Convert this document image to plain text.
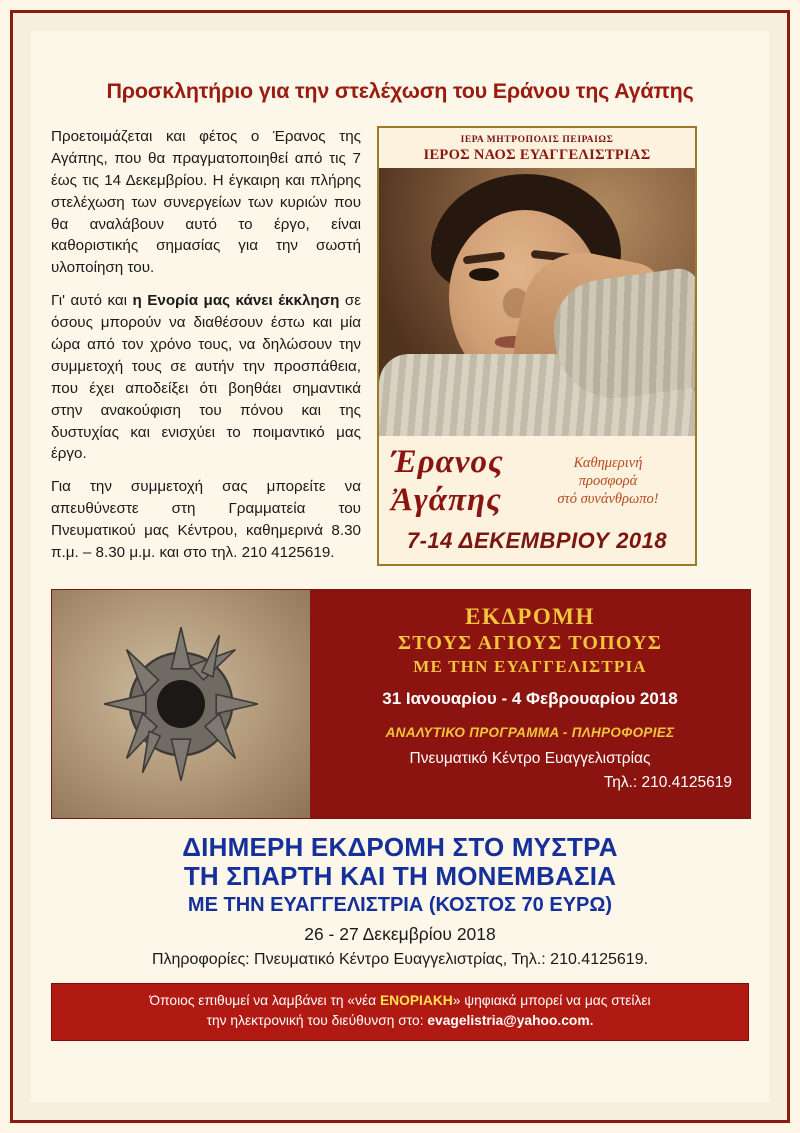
Προσκλητήριο για την στελέχωση του Εράνου της Αγάπης

Προετοιμάζεται και φέτος ο Έρανος της Αγάπης, που θα πραγματοποιηθεί από τις 7 έως τις 14 Δεκεμβρίου. Η έγκαιρη και πλήρης στελέχωση των συνεργείων των κυριών που θα αναλάβουν αυτό το έργο, είναι καθοριστικής σημασίας για την σωστή υλοποίηση του.

Γι' αυτό και η Ενορία μας κάνει έκκληση σε όσους μπορούν να διαθέσουν έστω και μία ώρα από τον χρόνο τους, να δηλώσουν την συμμετοχή τους σε αυτήν την προσπάθεια, που έχει αποδείξει ότι βοηθάει σημαντικά στην ανακούφιση του πόνου και της δυστυχίας και ενισχύει το ποιμαντικό μας έργο.

Για την συμμετοχή σας μπορείτε να απευθύνεστε στη Γραμματεία του Πνευματικού μας Κέντρου, καθημερινά 8.30 π.μ. – 8.30 μ.μ. και στο τηλ. 210 4125619.

ΙΕΡΑ ΜΗΤΡΟΠΟΛΙΣ ΠΕΙΡΑΙΩΣ
ΙΕΡΟΣ ΝΑΟΣ ΕΥΑΓΓΕΛΙΣΤΡΙΑΣ
Έρανος
Ἀγάπης
Καθημερινή
προσφορά
στό συνάνθρωπο!
7-14 ΔΕΚΕΜΒΡΙΟΥ 2018
ΕΚΔΡΟΜΗ
ΣΤΟΥΣ ΑΓΙΟΥΣ ΤΟΠΟΥΣ
ΜΕ ΤΗΝ ΕΥΑΓΓΕΛΙΣΤΡΙΑ
31 Ιανουαρίου - 4 Φεβρουαρίου 2018
ΑΝΑΛΥΤΙΚΟ ΠΡΟΓΡΑΜΜΑ - ΠΛΗΡΟΦΟΡΙΕΣ
Πνευματικό Κέντρο Ευαγγελιστρίας
Τηλ.: 210.4125619
ΔΙΗΜΕΡΗ ΕΚΔΡΟΜΗ ΣΤΟ ΜΥΣΤΡΑ
ΤΗ ΣΠΑΡΤΗ ΚΑΙ ΤΗ ΜΟΝΕΜΒΑΣΙΑ
ΜΕ ΤΗΝ ΕΥΑΓΓΕΛΙΣΤΡΙΑ (ΚΟΣΤΟΣ 70 ΕΥΡΩ)
26 - 27 Δεκεμβρίου 2018
Πληροφορίες: Πνευματικό Κέντρο Ευαγγελιστρίας, Τηλ.: 210.4125619.
Όποιος επιθυμεί να λαμβάνει τη «νέα ΕΝΟΡΙΑΚΗ» ψηφιακά μπορεί να μας στείλει
την ηλεκτρονική του διεύθυνση στο: evagelistria@yahoo.com.
